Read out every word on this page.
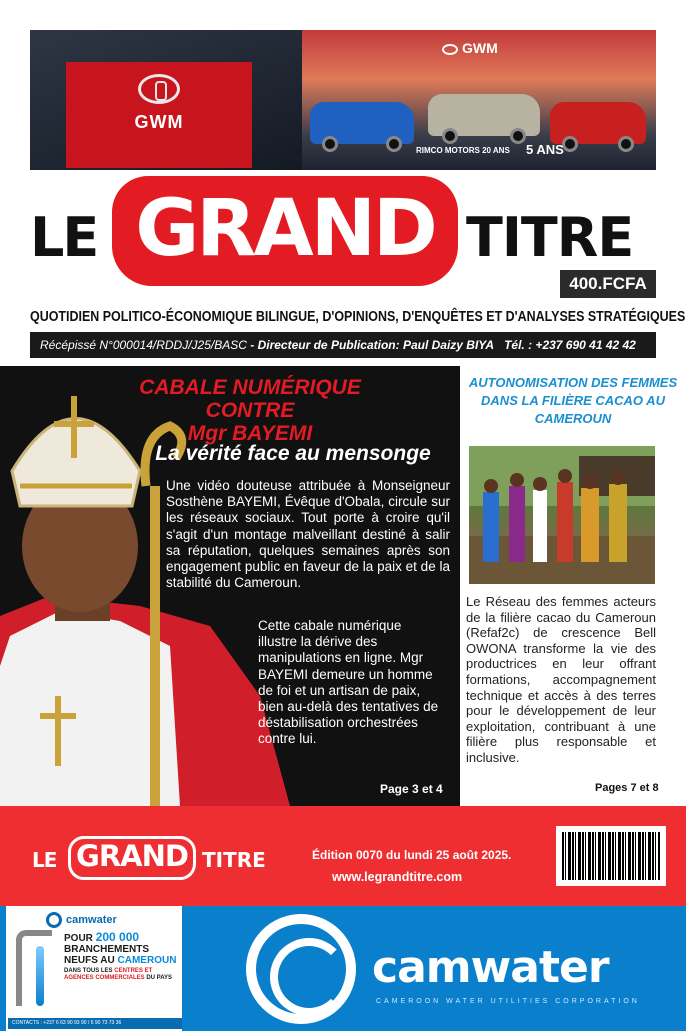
GWM
GWM
RIMCO MOTORS 20 ANS 5 ANS
LE GRAND TITRE
400.FCFA
QUOTIDIEN POLITICO-ÉCONOMIQUE BILINGUE, D'OPINIONS, D'ENQUÊTES ET D'ANALYSES STRATÉGIQUES
Récépissé N°000014/RDDJ/J25/BASC - Directeur de Publication: Paul Daizy BIYA Tél. : +237 690 41 42 42
CABALE NUMÉRIQUE CONTRE
Mgr BAYEMI
La vérité face au mensonge
Une vidéo douteuse attribuée à Monseigneur Sosthène BAYEMI, Évêque d'Obala, circule sur les réseaux sociaux. Tout porte à croire qu'il s'agit d'un montage malveillant destiné à salir sa réputation, quelques semaines après son engagement public en faveur de la paix et de la stabilité du Cameroun.
Cette cabale numérique illustre la dérive des manipulations en ligne. Mgr BAYEMI demeure un homme de foi et un artisan de paix, bien au-delà des tentatives de déstabilisation orchestrées contre lui.
Page 3 et 4
AUTONOMISATION DES FEMMES DANS LA FILIÈRE CACAO AU CAMEROUN
Le Réseau des femmes acteurs de la filière cacao du Cameroun (Refaf2c) de crescence Bell OWONA transforme la vie des productrices en leur offrant formations, accompagnement technique et accès à des terres pour le développement de leur exploitation, contribuant à une filière plus responsable et inclusive.
Pages 7 et 8
LE GRAND TITRE	Édition 0070 du lundi 25 août 2025.
www.legrandtitre.com
camwater
POUR 200 000
BRANCHEMENTS
NEUFS AU CAMEROUN
DANS TOUS LES CENTRES ET AGENCES COMMERCIALES DU PAYS
CONTACTS : +237 6 63 90 93 90 / 6 90 73 73 36
camwater
CAMEROON WATER UTILITIES CORPORATION
